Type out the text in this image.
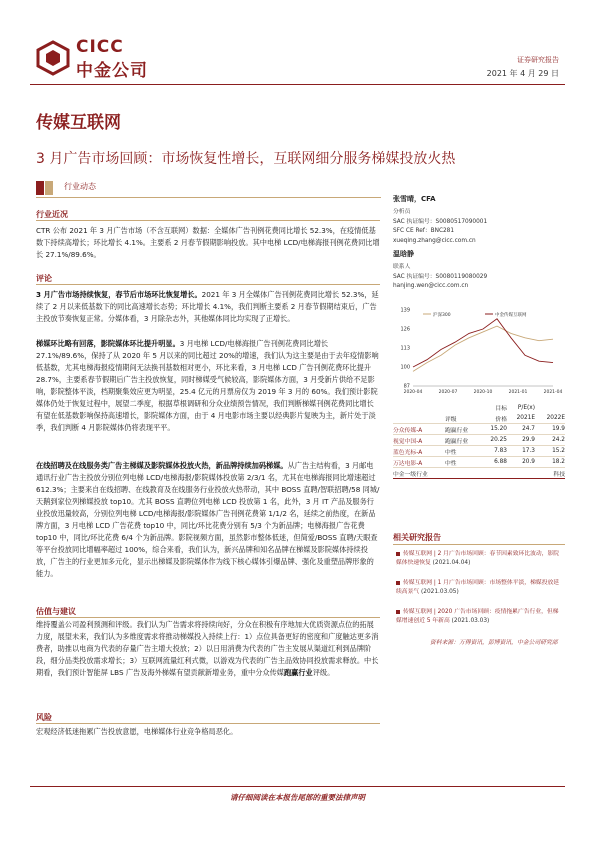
CICC
中金公司
证券研究报告
2021 年 4 月 29 日
传媒互联网
3 月广告市场回顾：市场恢复性增长，互联网细分服务梯媒投放火热
行业动态
行业近况
CTR 公布 2021 年 3 月广告市场（不含互联网）数据：全媒体广告刊例花费同比增长 52.3%，在疫情低基数下持续高增长；环比增长 4.1%。主要系 2 月春节假期影响投放。其中电梯 LCD/电梯海报刊例花费同比增长 27.1%/89.6%。
评论
3 月广告市场持续恢复，春节后市场环比恢复增长。2021 年 3 月全媒体广告刊例花费同比增长 52.3%，延续了 2 月以来低基数下的同比高速增长态势；环比增长 4.1%，我们判断主要系 2 月春节假期结束后，广告主投放节奏恢复正常。分媒体看，3 月除杂志外，其他媒体同比均实现了正增长。
梯媒环比略有回落，影院媒体环比提升明显。3 月电梯 LCD/电梯海报广告刊例花费同比增长 27.1%/89.6%，保持了从 2020 年 5 月以来的同比超过 20%的增速，我们认为这主要是由于去年疫情影响低基数，尤其电梯海报疫情期间无法换刊基数相对更小，环比来看，3 月电梯 LCD 广告刊例花费环比提升 28.7%，主要系春节假期后广告主投放恢复，同时梯媒受气候较高，影院媒体方面，3 月受新片供给不足影响，影院整体平淡，档期聚集效应更为明显，25.4 亿元的月票房仅为 2019 年 3 月的 60%。我们预计影院媒体仍处于恢复过程中，展望二季度，根据草根调研和分众业绩预告情况，我们判断梯媒刊例花费同比增长有望在低基数影响保持高速增长，影院媒体方面，由于 4 月电影市场主要以经典影片复映为主，新片处于淡季，我们判断 4 月影院媒体仍将表现平平。
在线招聘及在线服务类广告主梯媒及影院媒体投放火热，新品牌持续加码梯媒。从广告主结构看，3 月邮电通讯行业广告主投放分别位列电梯 LCD/电梯海报/影院媒体投放第 2/3/1 名，尤其在电梯海报同比增速超过 612.3%；主要来自在线招聘、在线教育及在线服务行业投放火热带动，其中 BOSS 直聘/智联招聘/58 同城/天鹅到家位列梯媒投放 top10。尤其 BOSS 直聘位列电梯 LCD 投放第 1 名，此外，3 月 IT 产品及服务行业投放迅量较高，分别位列电梯 LCD/电梯海报/影院媒体广告刊例花费第 1/1/2 名，延续之前热度，在新品牌方面，3 月电梯 LCD 广告花费 top10 中，同比/环比花费分别有 5/3 个为新品牌；电梯海报广告花费 top10 中，同比/环比花费 6/4 个为新品牌。影院视频方面，虽然影市整体低迷，但简爱/BOSS 直聘/天眼查等平台投放同比增幅率超过 100%，综合来看，我们认为，新兴品牌和知名品牌在梯媒及影院媒体持续投放，广告主的行业更加多元化，显示出梯媒及影院媒体作为线下核心媒体引爆品牌、强化及重塑品牌形象的能力。
估值与建议
维持覆盖公司盈利预测和评级。我们认为广告需求将持续向好，分众在积极有序地加大优质资源点位的拓展力度，展望未来，我们认为多维度需求将推动梯媒投入持续上行：1）点位具备更好的密度和广度触达更多消费者，助推以电商为代表的存量广告主增大投放；2）以日用消费为代表的广告主发展从渠道红利到品牌阶段，细分品类投放需求增长；3）互联网流量红利式微，以游戏为代表的广告主品效协同投放需求释放。中长期看，我们预计智能屏 LBS 广告及海外梯媒有望贡献新增业务，重中分众传媒跑赢行业评级。
风险
宏观经济低迷拖累广告投放意愿，电梯媒体行业竞争格局恶化。
张雪晴，CFA
分析员
SAC 执证编号：S0080517090001
SFC CE Ref：BNC281
xueqing.zhang@cicc.com.cn
温晗静
联系人
SAC 执证编号：S0080119080029
hanjing.wen@cicc.com.cn
87
100
113
126
139
2020-04	2020-07	2020-10	2021-01	2021-04
沪深300	中金传媒互联网
目标	P/E(x)
评级	价格	2021E	2022E
分众传媒-A	跑赢行业	15.20	24.7	19.9
视觉中国-A	跑赢行业	20.25	29.9	24.2
蓝色光标-A	中性	7.83	17.3	15.2
万达电影-A	中性	6.88	20.9	18.2
中金一级行业	科技
相关研究报告
传媒互联网 | 2 月广告市场回顾：春节因素致环比波动，影院媒体快速恢复 (2021.04.04)
传媒互联网 | 1 月广告市场回顾：市场整体平淡，梯媒投放延续高景气 (2021.03.05)
传媒互联网 | 2020 广告市场回顾：疫情拖累广告行业，但梯媒增速创近 5 年新高 (2021.03.03)
资料来源：万得资讯，彭博资讯，中金公司研究部
请仔细阅读在本报告尾部的重要法律声明
